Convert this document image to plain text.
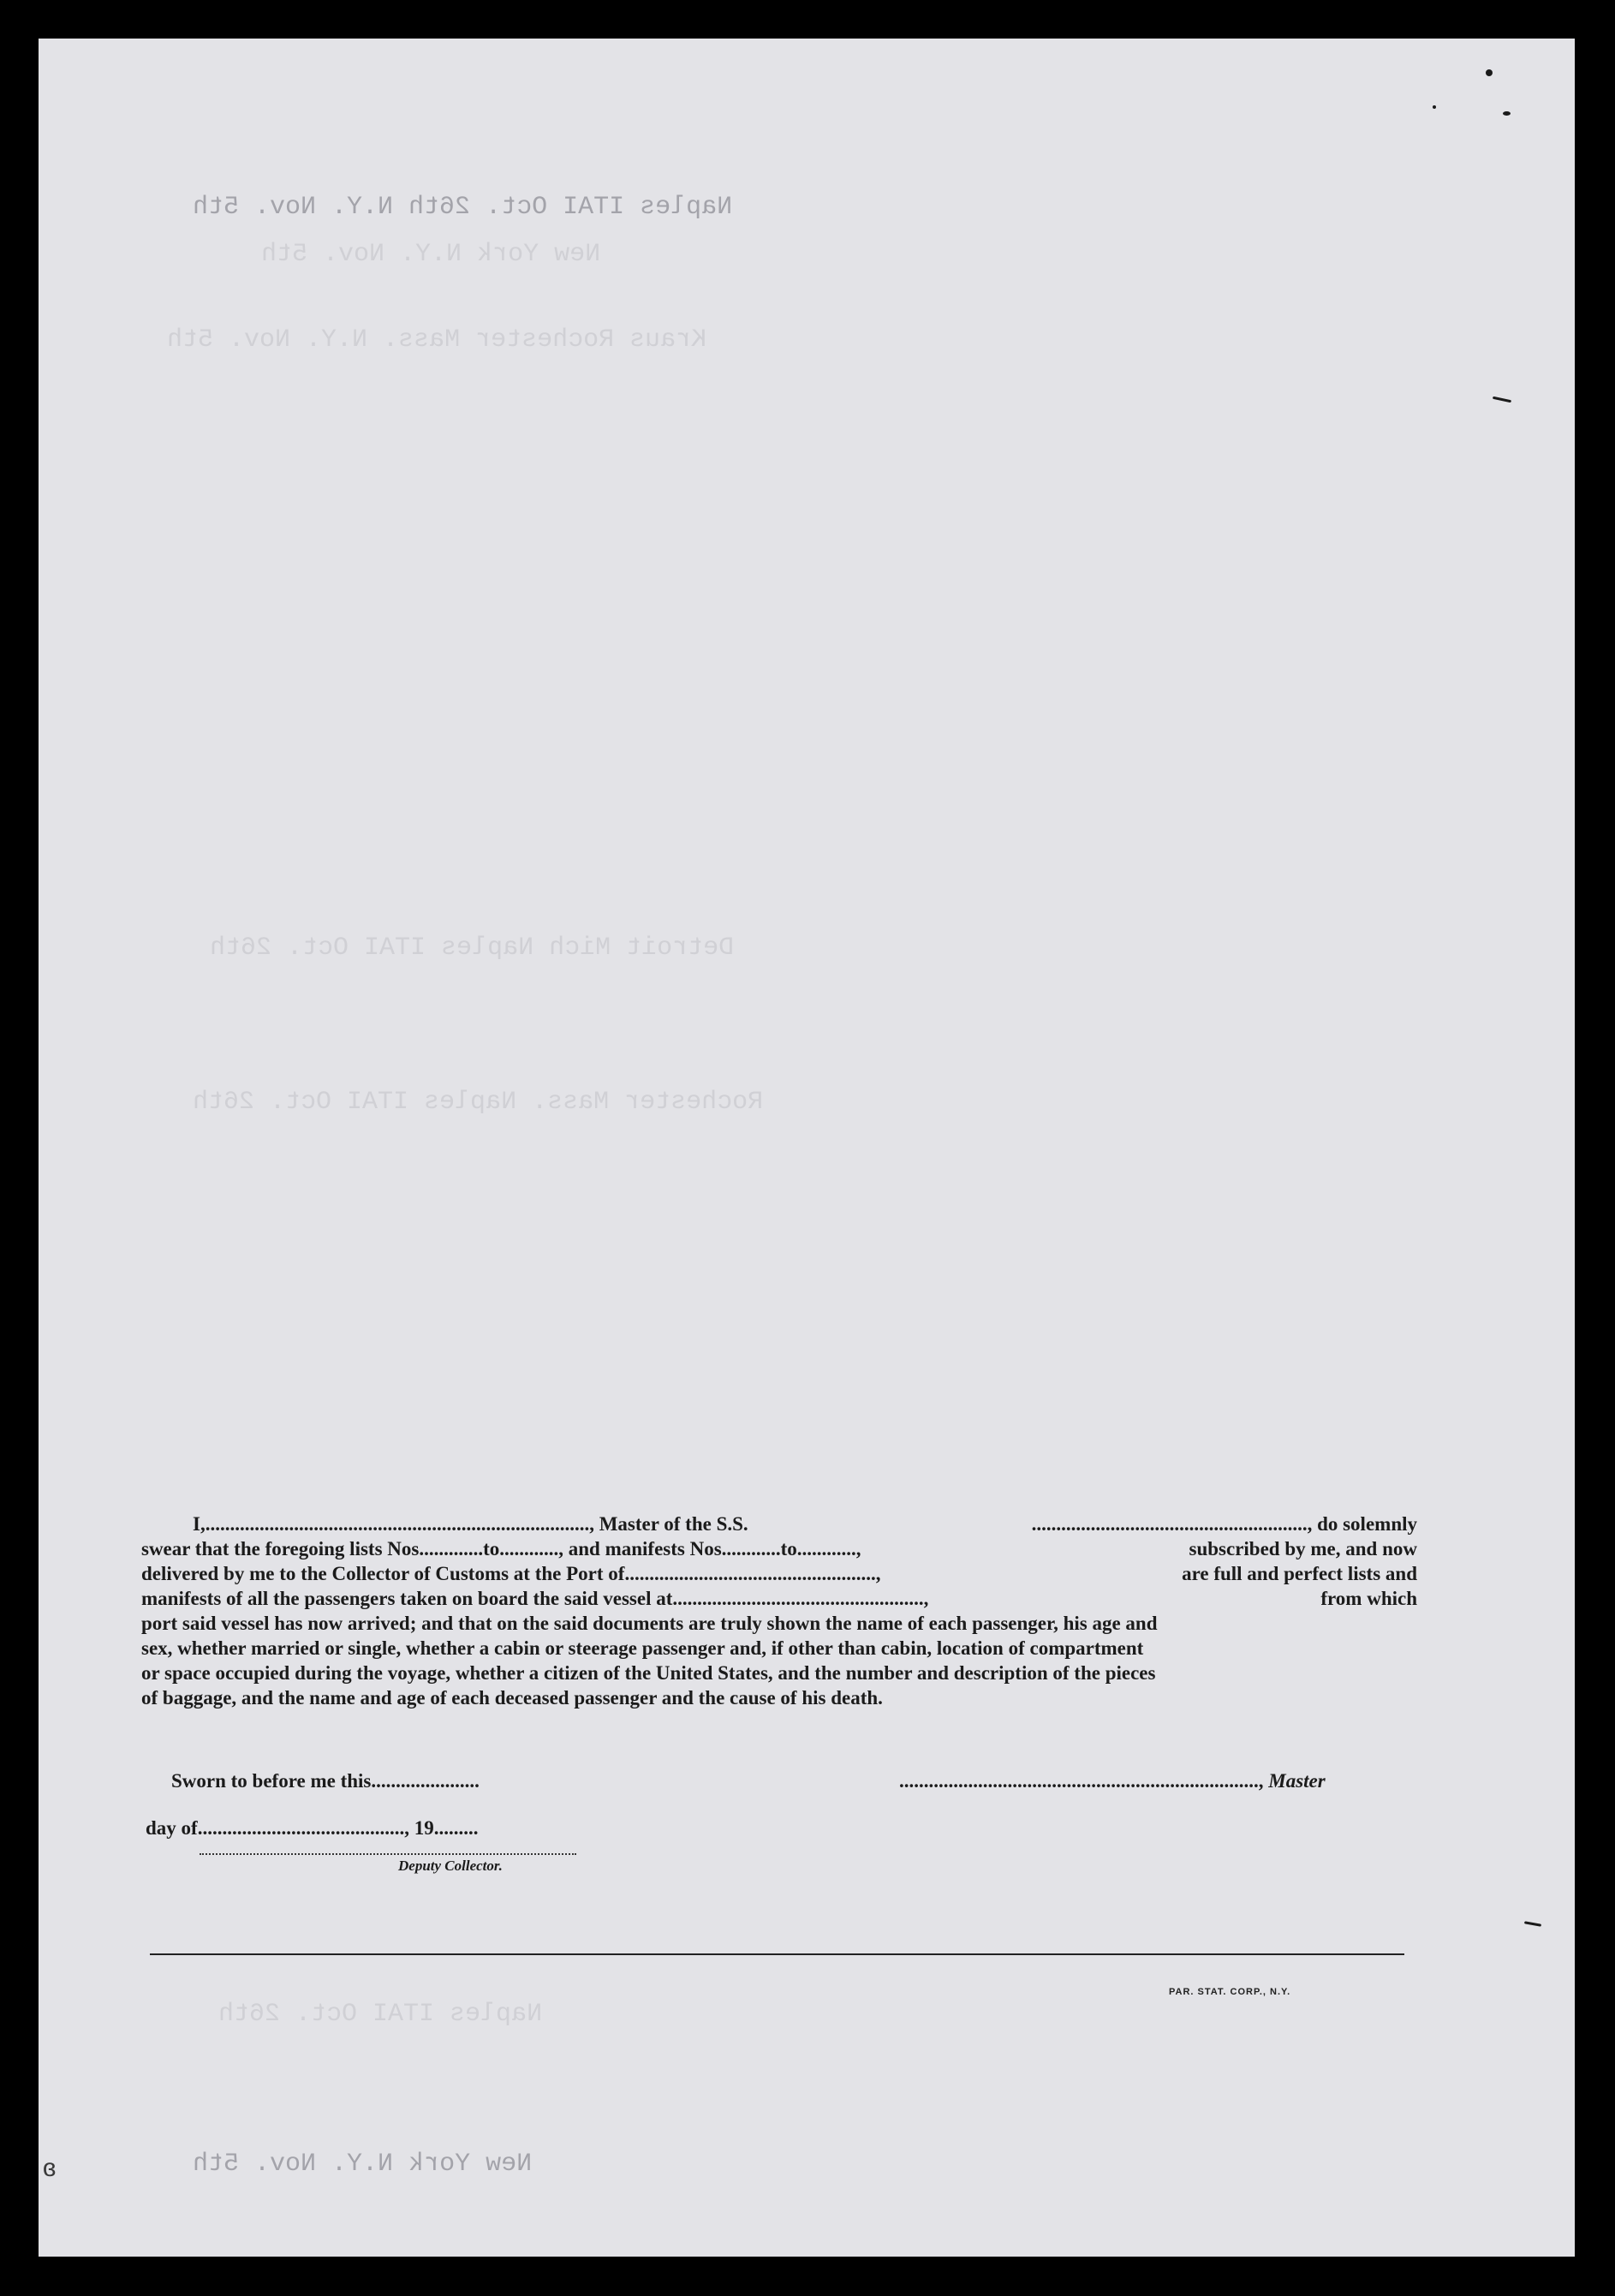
Naples ITAI Oct. 26th N.Y. Nov. 5th
New York N.Y. Nov. 5th
Kraus Rochester Mass. N.Y. Nov. 5th
Detroit Mich Naples ITAI Oct. 26th
Rochester Mass. Naples ITAI Oct. 26th
Naples ITAI Oct. 26th
New York N.Y. Nov. 5th
I,.............................................................................., Master of the S.S.	........................................................, do solemnly
swear that the foregoing lists Nos.............to............, and manifests Nos............to............,	subscribed by me, and now
delivered by me to the Collector of Customs at the Port of...................................................,	are full and perfect lists and
manifests of all the passengers taken on board the said vessel at...................................................,	from which
port said vessel has now arrived; and that on the said documents are truly shown the name of each passenger, his age and
sex, whether married or single, whether a cabin or steerage passenger and, if other than cabin, location of compartment
or space occupied during the voyage, whether a citizen of the United States, and the number and description of the pieces
of baggage, and the name and age of each deceased passenger and the cause of his death.
Sworn to before me this......................	........................................................................., Master
day of.........................................., 19.........
Deputy Collector.
PAR. STAT. CORP., N.Y.
ɞ
